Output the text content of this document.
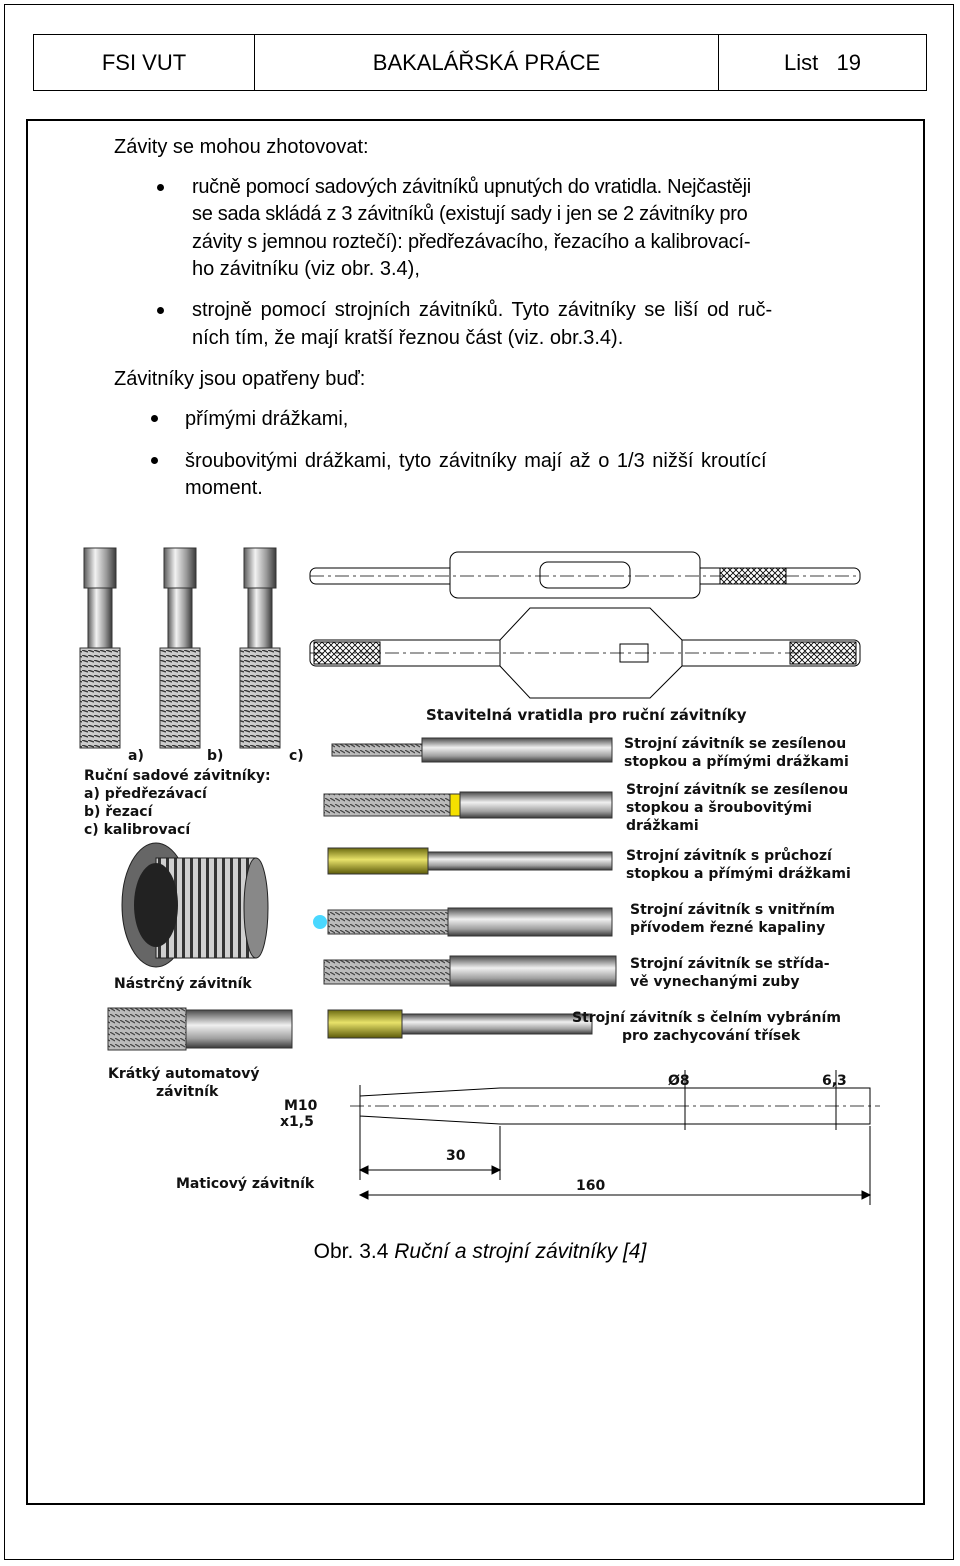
FSI VUT	BAKALÁŘSKÁ PRÁCE	List   19
Závity se mohou zhotovovat:
ručně pomocí sadových závitníků upnutých do vratidla. Nejčastěji
se sada skládá z 3 závitníků (existují sady i jen se 2 závitníky pro
závity s jemnou roztečí): předřezávacího, řezacího a kalibrovací-
ho závitníku (viz obr. 3.4),
strojně pomocí strojních závitníků. Tyto závitníky se liší od ruč-
ních tím, že mají kratší řeznou část (viz. obr.3.4).
Závitníky jsou opatřeny buď:
přímými drážkami,
šroubovitými drážkami, tyto závitníky mají až o 1/3 nižší kroutící
moment.
a)	b)	c)
Ruční sadové závitníky:
a) předřezávací
b) řezací
c) kalibrovací
Stavitelná vratidla pro ruční závitníky
Strojní závitník se zesílenou
stopkou a přímými drážkami
Strojní závitník se zesílenou
stopkou a šroubovitými
drážkami
Strojní závitník s průchozí
stopkou a přímými drážkami
Strojní závitník s vnitřním
přívodem řezné kapaliny
Strojní závitník se střída-
vě vynechanými zuby
Strojní závitník s čelním vybráním
pro zachycování třísek
Nástrčný závitník
Krátký automatový
závitník
M10
x1,5
Ø8	6,3
30
160
Maticový závitník
Obr. 3.4 Ruční a strojní závitníky [4]
